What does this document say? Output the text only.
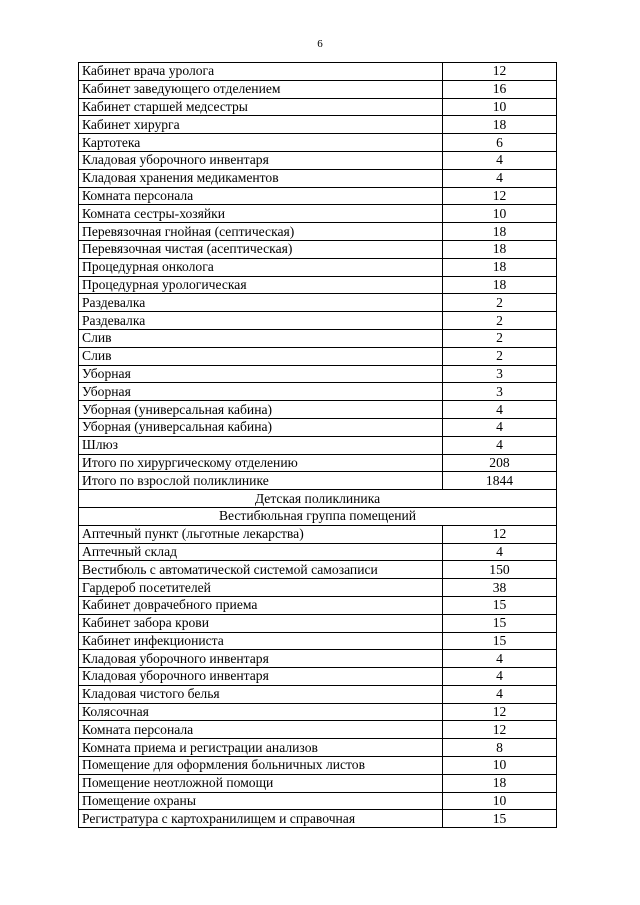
6
Кабинет врача уролога	12
Кабинет заведующего отделением	16
Кабинет старшей медсестры	10
Кабинет хирурга	18
Картотека	6
Кладовая уборочного инвентаря	4
Кладовая хранения медикаментов	4
Комната персонала	12
Комната сестры-хозяйки	10
Перевязочная гнойная (септическая)	18
Перевязочная чистая (асептическая)	18
Процедурная онколога	18
Процедурная урологическая	18
Раздевалка	2
Раздевалка	2
Слив	2
Слив	2
Уборная	3
Уборная	3
Уборная (универсальная кабина)	4
Уборная (универсальная кабина)	4
Шлюз	4
Итого по хирургическому отделению	208
Итого по взрослой поликлинике	1844
Детская поликлиника	
Вестибюльная группа помещений	
Аптечный пункт (льготные лекарства)	12
Аптечный склад	4
Вестибюль с автоматической системой самозаписи	150
Гардероб посетителей	38
Кабинет доврачебного приема	15
Кабинет забора крови	15
Кабинет инфекциониста	15
Кладовая уборочного инвентаря	4
Кладовая уборочного инвентаря	4
Кладовая чистого белья	4
Колясочная	12
Комната персонала	12
Комната приема и регистрации анализов	8
Помещение для оформления больничных листов	10
Помещение неотложной помощи	18
Помещение охраны	10
Регистратура с картохранилищем и справочная	15
